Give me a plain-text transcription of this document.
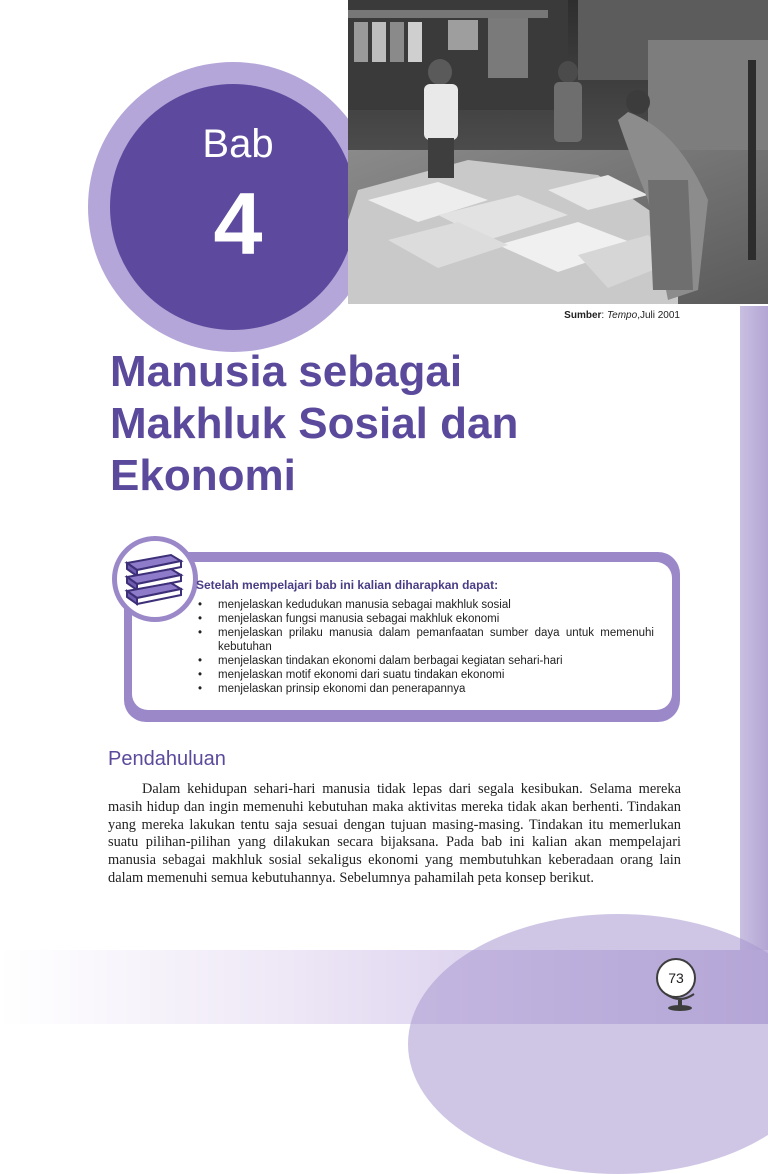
Bab
4
Sumber: Tempo,Juli 2001
Manusia sebagai
Makhluk Sosial dan
Ekonomi
Setelah mempelajari bab ini kalian diharapkan dapat:
• menjelaskan kedudukan manusia sebagai makhluk sosial
• menjelaskan fungsi manusia sebagai makhluk ekonomi
• menjelaskan prilaku manusia dalam pemanfaatan sumber daya untuk memenuhi kebutuhan
• menjelaskan tindakan ekonomi dalam berbagai kegiatan sehari-hari
• menjelaskan motif ekonomi dari suatu tindakan ekonomi
• menjelaskan prinsip ekonomi dan penerapannya
Pendahuluan

Dalam kehidupan sehari-hari manusia tidak lepas dari segala kesibukan. Selama mereka masih hidup dan ingin memenuhi kebutuhan maka aktivitas mereka tidak akan berhenti. Tindakan yang mereka lakukan tentu saja sesuai dengan tujuan masing-masing. Tindakan itu memerlukan suatu pilihan-pilihan yang dilakukan secara bijaksana. Pada bab ini kalian akan mempelajari manusia sebagai makhluk sosial sekaligus ekonomi yang membutuhkan keberadaan orang lain dalam memenuhi semua kebutuhannya. Sebelumnya pahamilah peta konsep berikut.

73
